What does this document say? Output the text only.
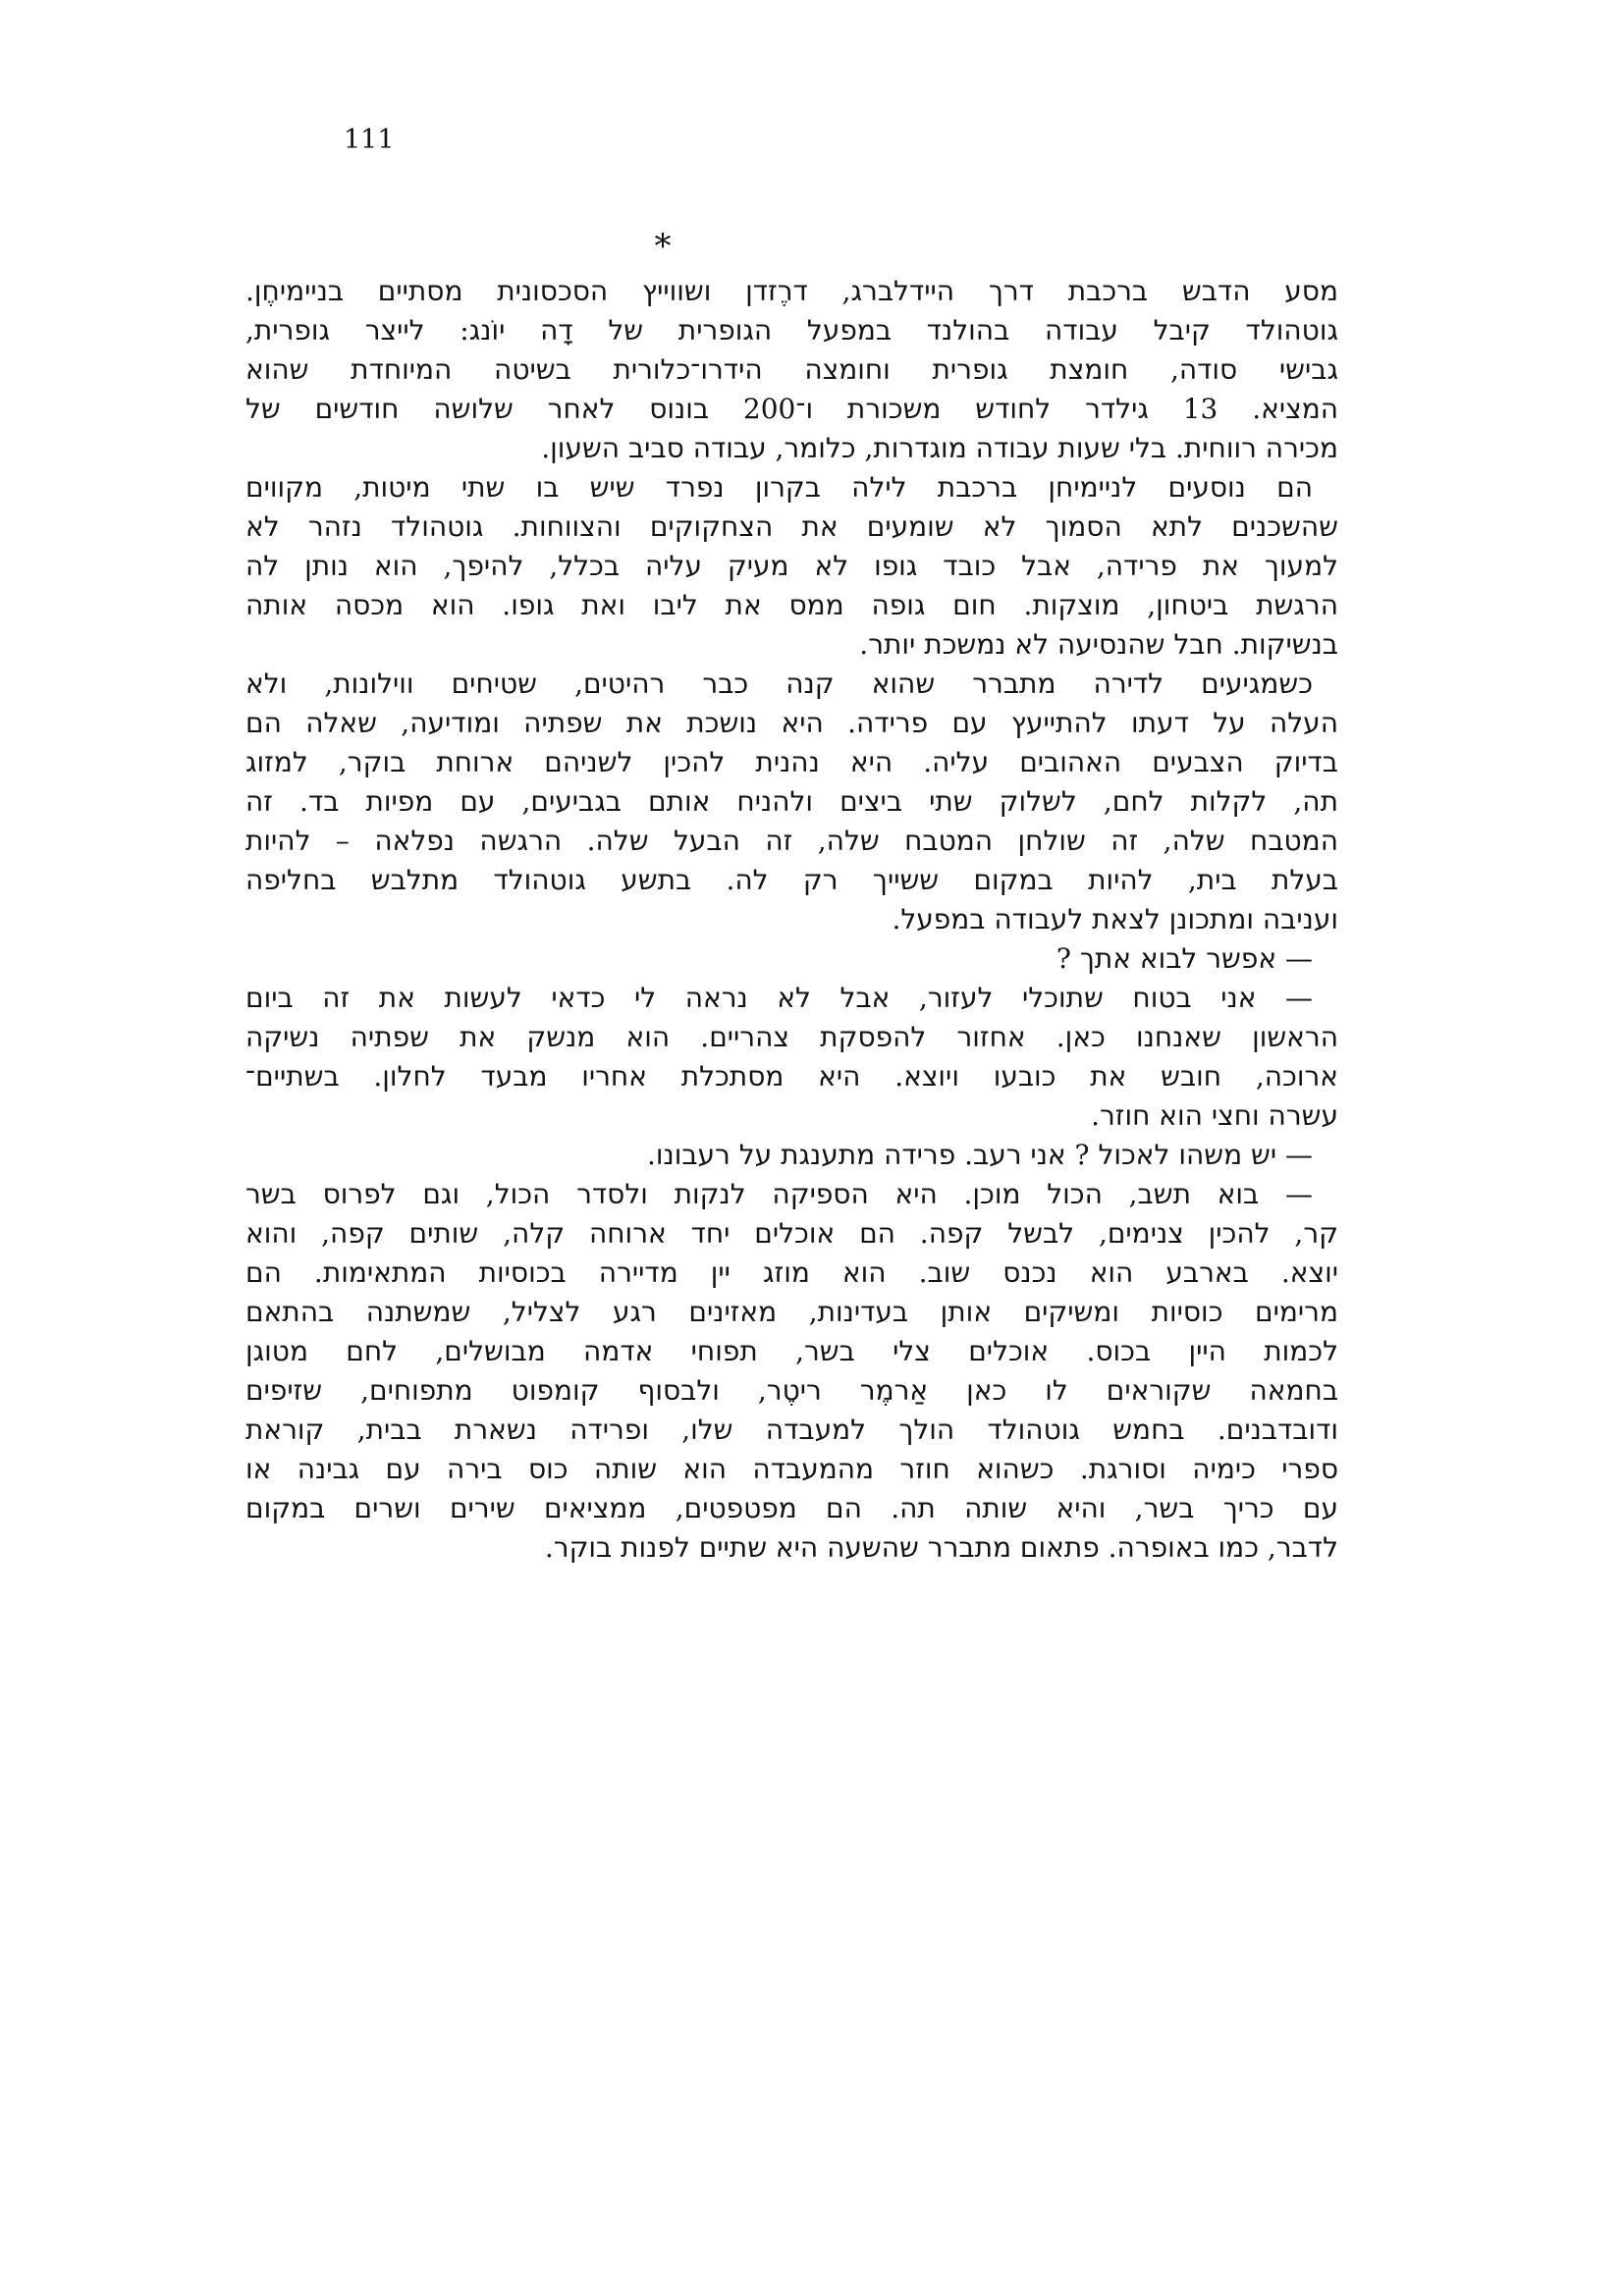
111
*
מסע הדבש ברכבת דרך היידלברג, דרֶזדן ושווייץ הסכסונית מסתיים בניימיחֶן.
גוטהולד קיבל עבודה בהולנד במפעל הגופרית של דָה יוֹנג: לייצר גופרית,
גבישי סודה, חומצת גופרית וחומצה הידרו־כלורית בשיטה המיוחדת שהוא
המציא. 13 גילדר לחודש משכורת ו־200 בונוס לאחר שלושה חודשים של
מכירה רווחית. בלי שעות עבודה מוגדרות, כלומר, עבודה סביב השעון.
הם נוסעים לניימיחן ברכבת לילה בקרון נפרד שיש בו שתי מיטות, מקווים
שהשכנים לתא הסמוך לא שומעים את הצחקוקים והצווחות. גוטהולד נזהר לא
למעוך את פרידה, אבל כובד גופו לא מעיק עליה בכלל, להיפך, הוא נותן לה
הרגשת ביטחון, מוצקות. חום גופה ממס את ליבו ואת גופו. הוא מכסה אותה
בנשיקות. חבל שהנסיעה לא נמשכת יותר.
כשמגיעים לדירה מתברר שהוא קנה כבר רהיטים, שטיחים ווילונות, ולא
העלה על דעתו להתייעץ עם פרידה. היא נושכת את שפתיה ומודיעה, שאלה הם
בדיוק הצבעים האהובים עליה. היא נהנית להכין לשניהם ארוחת בוקר, למזוג
תה, לקלות לחם, לשלוק שתי ביצים ולהניח אותם בגביעים, עם מפיות בד. זה
המטבח שלה, זה שולחן המטבח שלה, זה הבעל שלה. הרגשה נפלאה – להיות
בעלת בית, להיות במקום ששייך רק לה. בתשע גוטהולד מתלבש בחליפה
ועניבה ומתכונן לצאת לעבודה במפעל.
— אפשר לבוא אתך ?
— אני בטוח שתוכלי לעזור, אבל לא נראה לי כדאי לעשות את זה ביום
הראשון שאנחנו כאן. אחזור להפסקת צהריים. הוא מנשק את שפתיה נשיקה
ארוכה, חובש את כובעו ויוצא. היא מסתכלת אחריו מבעד לחלון. בשתיים־
עשרה וחצי הוא חוזר.
— יש משהו לאכול ? אני רעב. פרידה מתענגת על רעבונו.
— בוא תשב, הכול מוכן. היא הספיקה לנקות ולסדר הכול, וגם לפרוס בשר
קר, להכין צנימים, לבשל קפה. הם אוכלים יחד ארוחה קלה, שותים קפה, והוא
יוצא. בארבע הוא נכנס שוב. הוא מוזג יין מדיירה בכוסיות המתאימות. הם
מרימים כוסיות ומשיקים אותן בעדינות, מאזינים רגע לצליל, שמשתנה בהתאם
לכמות היין בכוס. אוכלים צלי בשר, תפוחי אדמה מבושלים, לחם מטוגן
בחמאה שקוראים לו כאן אַרמֶר ריטֶר, ולבסוף קומפוט מתפוחים, שזיפים
ודובדבנים. בחמש גוטהולד הולך למעבדה שלו, ופרידה נשארת בבית, קוראת
ספרי כימיה וסורגת. כשהוא חוזר מהמעבדה הוא שותה כוס בירה עם גבינה או
עם כריך בשר, והיא שותה תה. הם מפטפטים, ממציאים שירים ושרים במקום
לדבר, כמו באופרה. פתאום מתברר שהשעה היא שתיים לפנות בוקר.
